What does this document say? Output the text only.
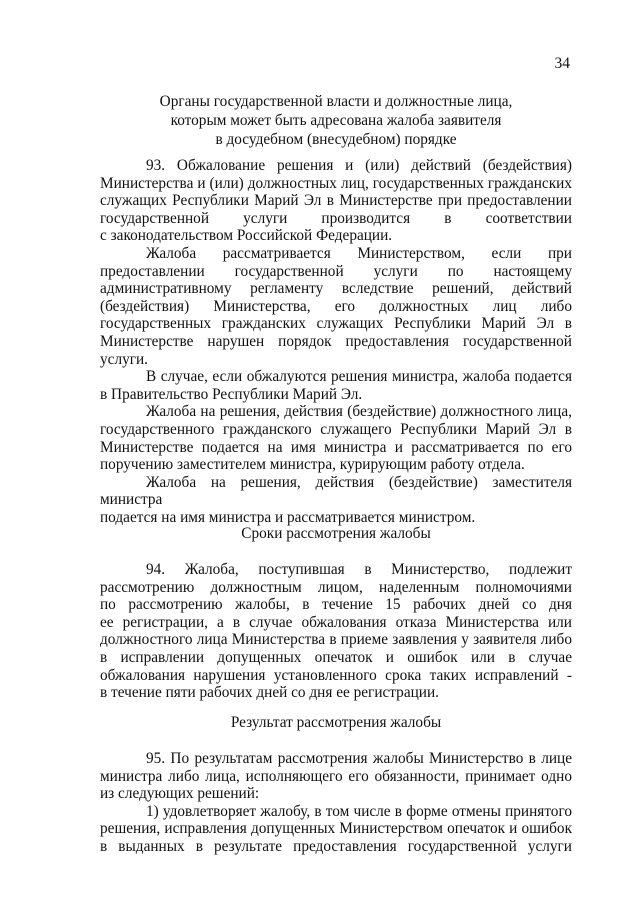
34
Органы государственной власти и должностные лица,
которым может быть адресована жалоба заявителя
в досудебном (внесудебном) порядке
93. Обжалование решения и (или) действий (бездействия)
Министерства и (или) должностных лиц, государственных гражданских
служащих Республики Марий Эл в Министерстве при предоставлении
государственной услуги производится в соответствии
с законодательством Российской Федерации.
Жалоба рассматривается Министерством, если при
предоставлении государственной услуги по настоящему
административному регламенту вследствие решений, действий
(бездействия) Министерства, его должностных лиц либо
государственных гражданских служащих Республики Марий Эл в
Министерстве нарушен порядок предоставления государственной
услуги.
В случае, если обжалуются решения министра, жалоба подается
в Правительство Республики Марий Эл.
Жалоба на решения, действия (бездействие) должностного лица,
государственного гражданского служащего Республики Марий Эл в
Министерстве подается на имя министра и рассматривается по его
поручению заместителем министра, курирующим работу отдела.
Жалоба на решения, действия (бездействие) заместителя министра
подается на имя министра и рассматривается министром.
Сроки рассмотрения жалобы
94. Жалоба, поступившая в Министерство, подлежит
рассмотрению должностным лицом, наделенным полномочиями
по рассмотрению жалобы, в течение 15 рабочих дней со дня
ее регистрации, а в случае обжалования отказа Министерства или
должностного лица Министерства в приеме заявления у заявителя либо
в исправлении допущенных опечаток и ошибок или в случае
обжалования нарушения установленного срока таких исправлений -
в течение пяти рабочих дней со дня ее регистрации.
Результат рассмотрения жалобы
95. По результатам рассмотрения жалобы Министерство в лице
министра либо лица, исполняющего его обязанности, принимает одно
из следующих решений:
1) удовлетворяет жалобу, в том числе в форме отмены принятого
решения, исправления допущенных Министерством опечаток и ошибок
в выданных в результате предоставления государственной услуги
